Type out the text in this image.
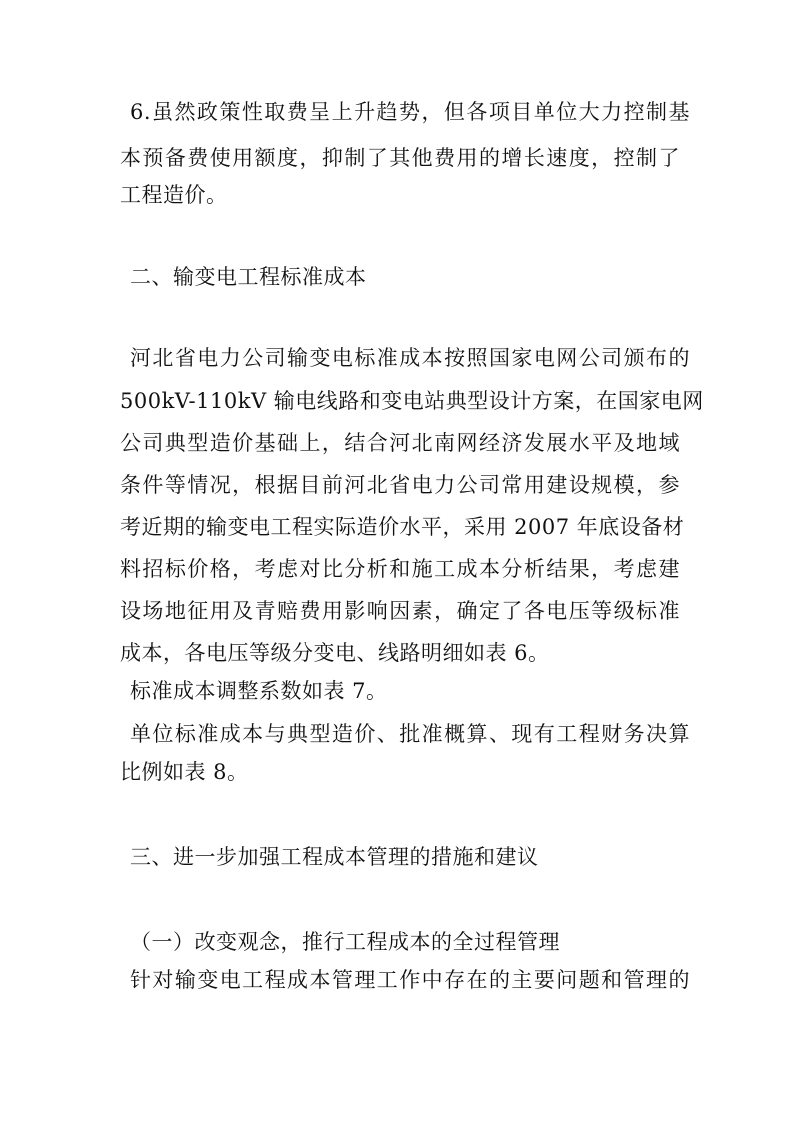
6.虽然政策性取费呈上升趋势，但各项目单位大力控制基
本预备费使用额度，抑制了其他费用的增长速度，控制了
工程造价。
二、输变电工程标准成本
河北省电力公司输变电标准成本按照国家电网公司颁布的
500kV-110kV 输电线路和变电站典型设计方案，在国家电网
公司典型造价基础上，结合河北南网经济发展水平及地域
条件等情况，根据目前河北省电力公司常用建设规模，参
考近期的输变电工程实际造价水平，采用 2007 年底设备材
料招标价格，考虑对比分析和施工成本分析结果，考虑建
设场地征用及青赔费用影响因素，确定了各电压等级标准
成本，各电压等级分变电、线路明细如表 6。
标准成本调整系数如表 7。
单位标准成本与典型造价、批准概算、现有工程财务决算
比例如表 8。
三、进一步加强工程成本管理的措施和建议
（一）改变观念，推行工程成本的全过程管理
针对输变电工程成本管理工作中存在的主要问题和管理的
